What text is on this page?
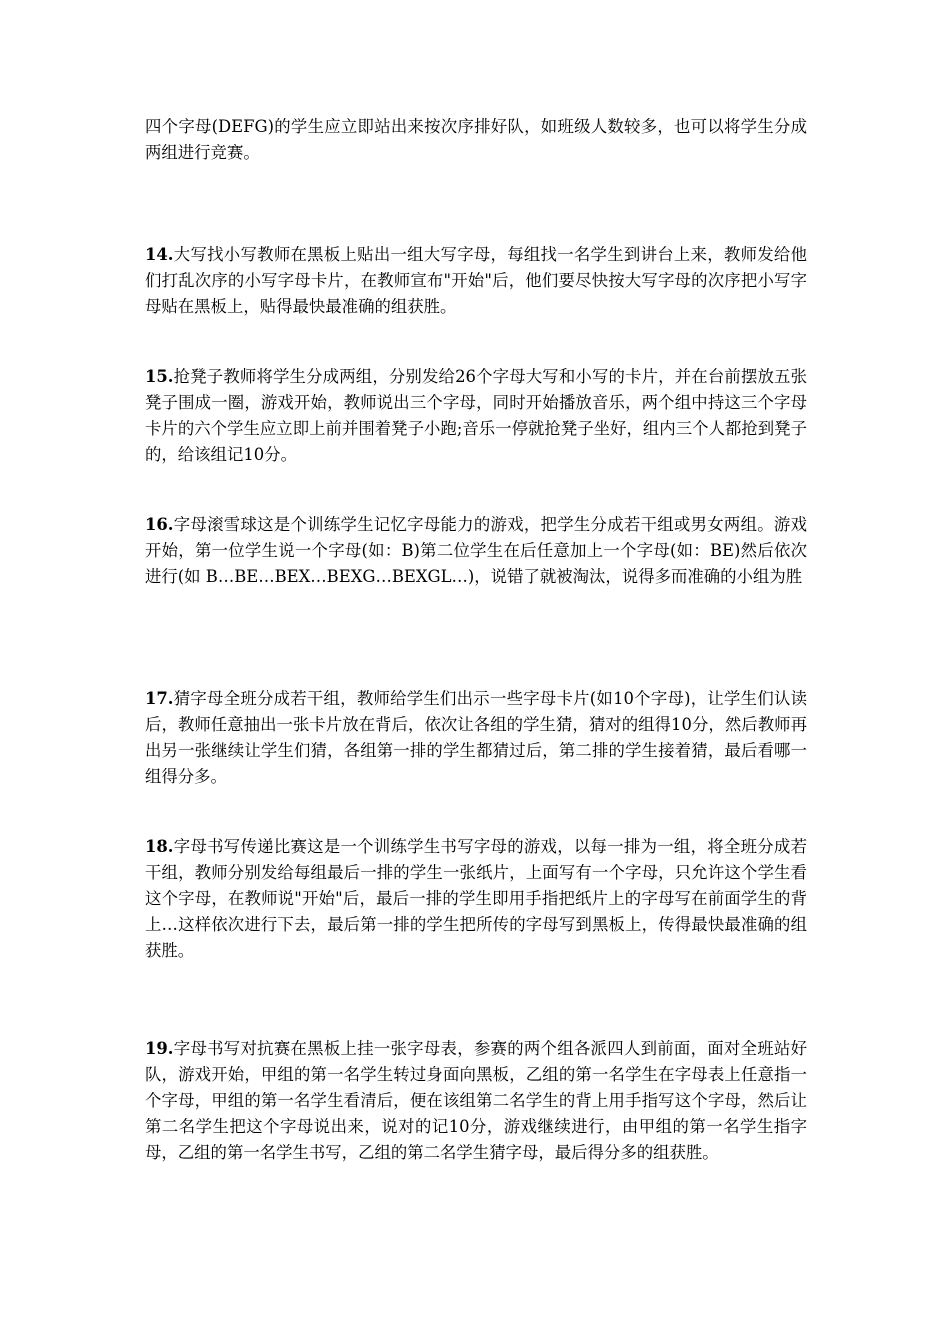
四个字母(DEFG)的学生应立即站出来按次序排好队，如班级人数较多，也可以将学生分成两组进行竞赛。

14.大写找小写教师在黑板上贴出一组大写字母，每组找一名学生到讲台上来，教师发给他们打乱次序的小写字母卡片，在教师宣布"开始"后，他们要尽快按大写字母的次序把小写字母贴在黑板上，贴得最快最准确的组获胜。

15.抢凳子教师将学生分成两组，分别发给26个字母大写和小写的卡片，并在台前摆放五张凳子围成一圈，游戏开始，教师说出三个字母，同时开始播放音乐，两个组中持这三个字母卡片的六个学生应立即上前并围着凳子小跑;音乐一停就抢凳子坐好，组内三个人都抢到凳子的，给该组记10分。

16.字母滚雪球这是个训练学生记忆字母能力的游戏，把学生分成若干组或男女两组。游戏开始，第一位学生说一个字母(如：B)第二位学生在后任意加上一个字母(如：BE)然后依次进行(如 B…BE…BEX…BEXG…BEXGL…)，说错了就被淘汰，说得多而准确的小组为胜

17.猜字母全班分成若干组，教师给学生们出示一些字母卡片(如10个字母)，让学生们认读后，教师任意抽出一张卡片放在背后，依次让各组的学生猜，猜对的组得10分，然后教师再出另一张继续让学生们猜，各组第一排的学生都猜过后，第二排的学生接着猜，最后看哪一组得分多。

18.字母书写传递比赛这是一个训练学生书写字母的游戏，以每一排为一组，将全班分成若干组，教师分别发给每组最后一排的学生一张纸片，上面写有一个字母，只允许这个学生看这个字母，在教师说"开始"后，最后一排的学生即用手指把纸片上的字母写在前面学生的背上…这样依次进行下去，最后第一排的学生把所传的字母写到黑板上，传得最快最准确的组获胜。

19.字母书写对抗赛在黑板上挂一张字母表，参赛的两个组各派四人到前面，面对全班站好队，游戏开始，甲组的第一名学生转过身面向黑板，乙组的第一名学生在字母表上任意指一个字母，甲组的第一名学生看清后，便在该组第二名学生的背上用手指写这个字母，然后让第二名学生把这个字母说出来，说对的记10分，游戏继续进行，由甲组的第一名学生指字母，乙组的第一名学生书写，乙组的第二名学生猜字母，最后得分多的组获胜。
